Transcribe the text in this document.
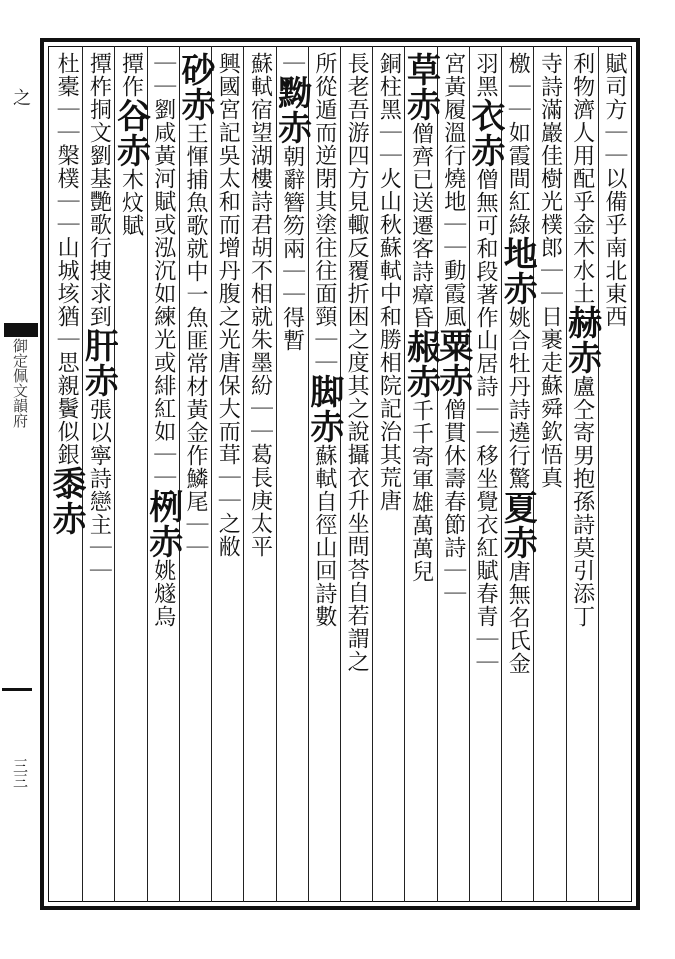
賦司方｜｜以備乎南北東西
利物濟人用配乎金木水土赫赤盧仝寄男抱孫詩莫引添丁
寺詩滿巖佳樹光樸郎｜｜日裹走蘇舜欽悟真
檄｜｜如霞間紅綠地赤姚合牡丹詩遶行驚夏赤唐無名氏金
羽黑衣赤僧無可和段著作山居詩｜｜移坐覺衣紅賦春青｜｜
宮黃履溫行燒地｜｜動霞風粟赤僧貫休壽春節詩｜｜
草赤僧齊已送遷客詩瘴昏赧赤千千寄軍雄萬萬兒
銅柱黑｜｜火山秋蘇軾中和勝相院記治其荒唐
長老吾游四方見輙反覆折困之度其之說攝衣升坐問荅自若謂之
所從遁而逆閉其塗往往面頸｜｜脚赤蘇軾自徑山回詩數
｜黝赤朝辭簪笏兩｜｜得暫
蘇軾宿望湖樓詩君胡不相就朱墨紛｜｜葛長庚太平
興國宮記吳太和而增丹腹之光唐保大而茸｜｜之敝
砂赤王惲捕魚歌就中一魚匪常材黃金作鱗尾｜｜
｜｜劉咸黃河賦或泓沉如練光或緋紅如｜｜栵赤姚燧烏
撢作谷赤木炆賦
撢柞挏文劉基艷歌行捜求到肝赤張以寧詩戀主｜｜
杜橐｜｜槃樸｜｜山城垓猶｜思親鬢似銀黍赤
之
御定佩文韻府
三三
